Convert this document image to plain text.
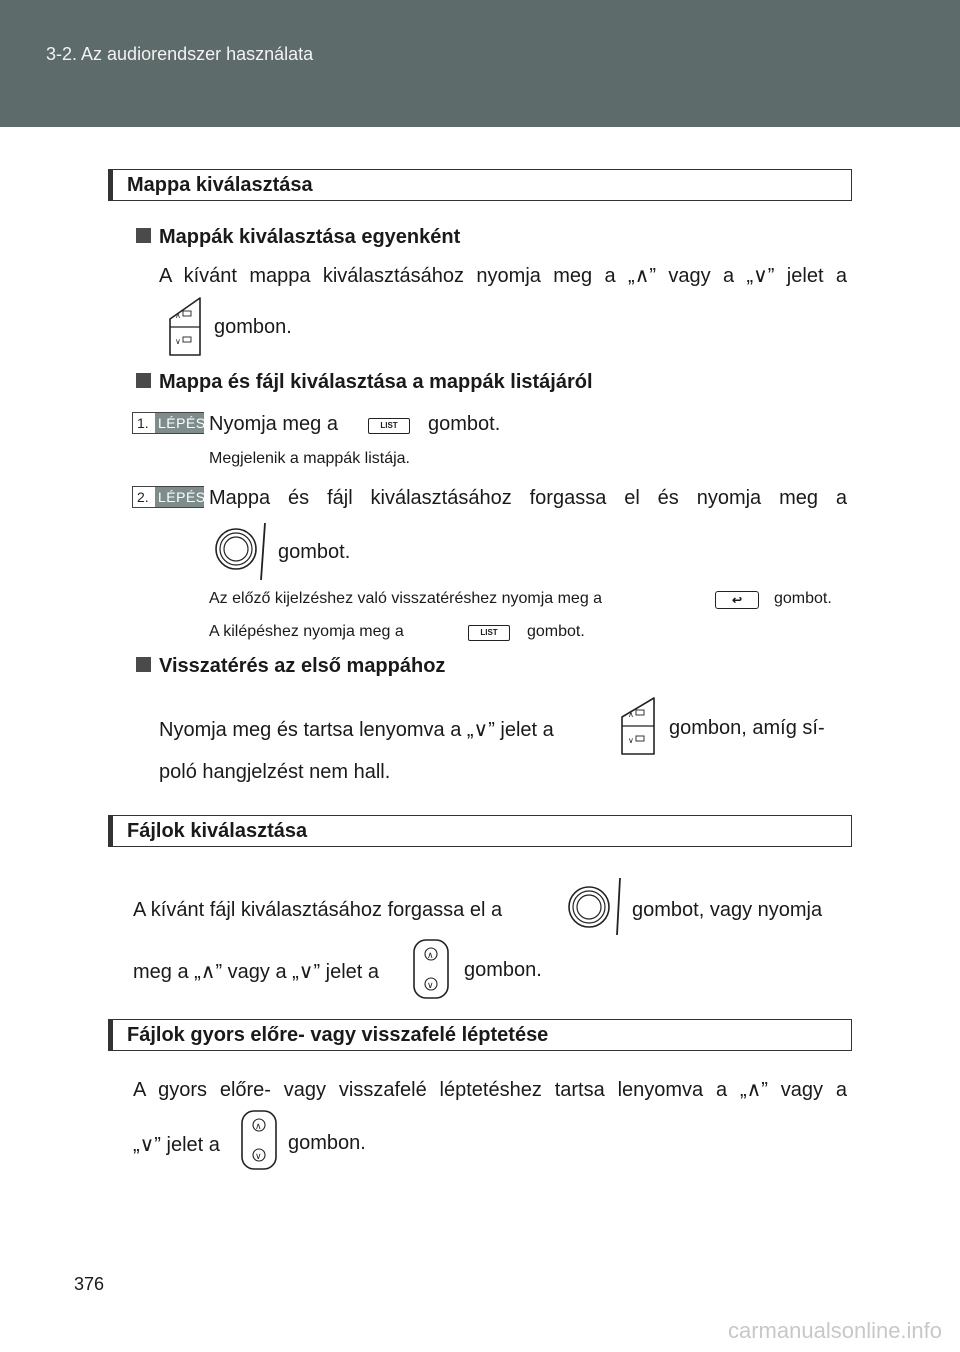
3-2. Az audiorendszer használata
Mappa kiválasztása
Mappák kiválasztása egyenként
A kívánt mappa kiválasztásához nyomja meg a „∧” vagy a „∨” jelet a
∧
∨
gombon.
Mappa és fájl kiválasztása a mappák listájáról
1. LÉPÉS Nyomja meg a	LIST	gombot.
Megjelenik a mappák listája.
2. LÉPÉS Mappa és fájl kiválasztásához forgassa el és nyomja meg a
gombot.
Az előző kijelzéshez való visszatéréshez nyomja meg a	↩	gombot.
A kilépéshez nyomja meg a	LIST	gombot.
Visszatérés az első mappához
Nyomja meg és tartsa lenyomva a „∨” jelet a
∧
∨
gombon, amíg sí-
poló hangjelzést nem hall.
Fájlok kiválasztása
A kívánt fájl kiválasztásához forgassa el a	gombot, vagy nyomja
meg a „∧” vagy a „∨” jelet a
∧
∨
gombon.
Fájlok gyors előre- vagy visszafelé léptetése
A gyors előre- vagy visszafelé léptetéshez tartsa lenyomva a „∧” vagy a
„∨” jelet a
∧
∨
gombon.
376
carmanualsonline.info
